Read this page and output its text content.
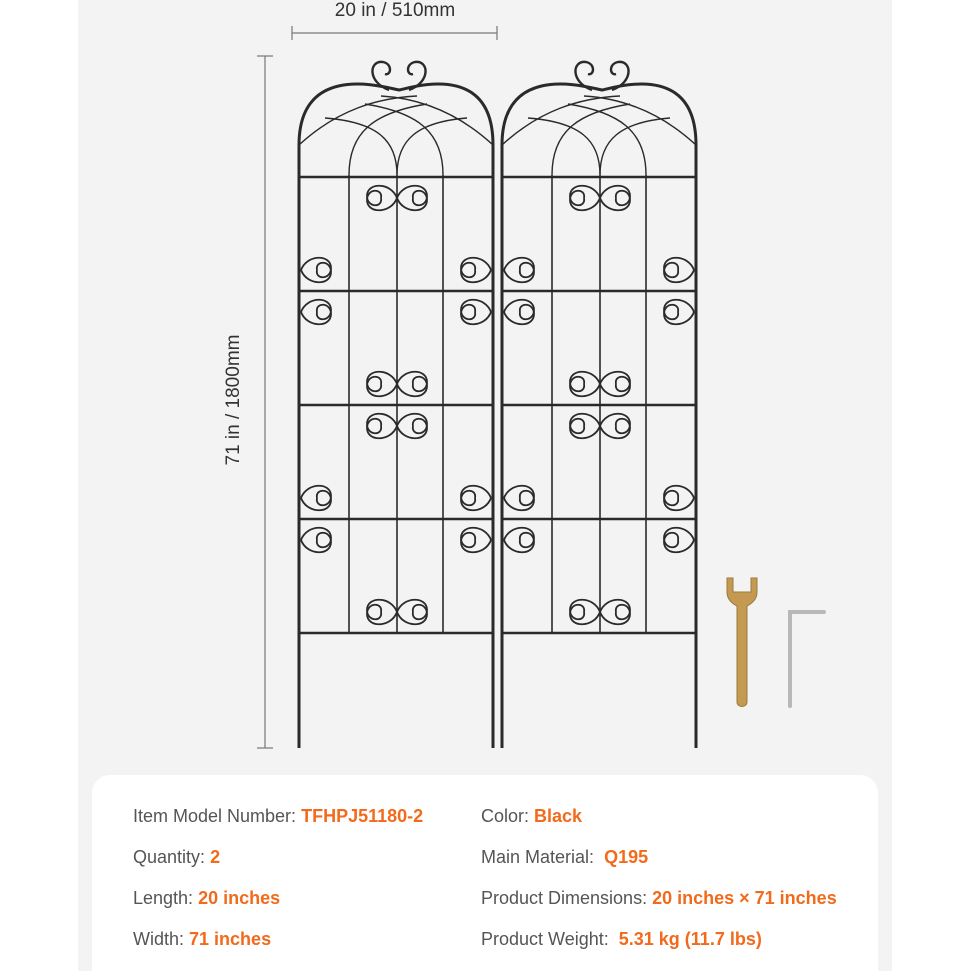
20 in / 510mm
71 in / 1800mm
Item Model Number: TFHPJ51180-2	Color: Black
Quantity: 2	Main Material: Q195
Length: 20 inches	Product Dimensions: 20 inches × 71 inches
Width: 71 inches	Product Weight: 5.31 kg (11.7 lbs)
